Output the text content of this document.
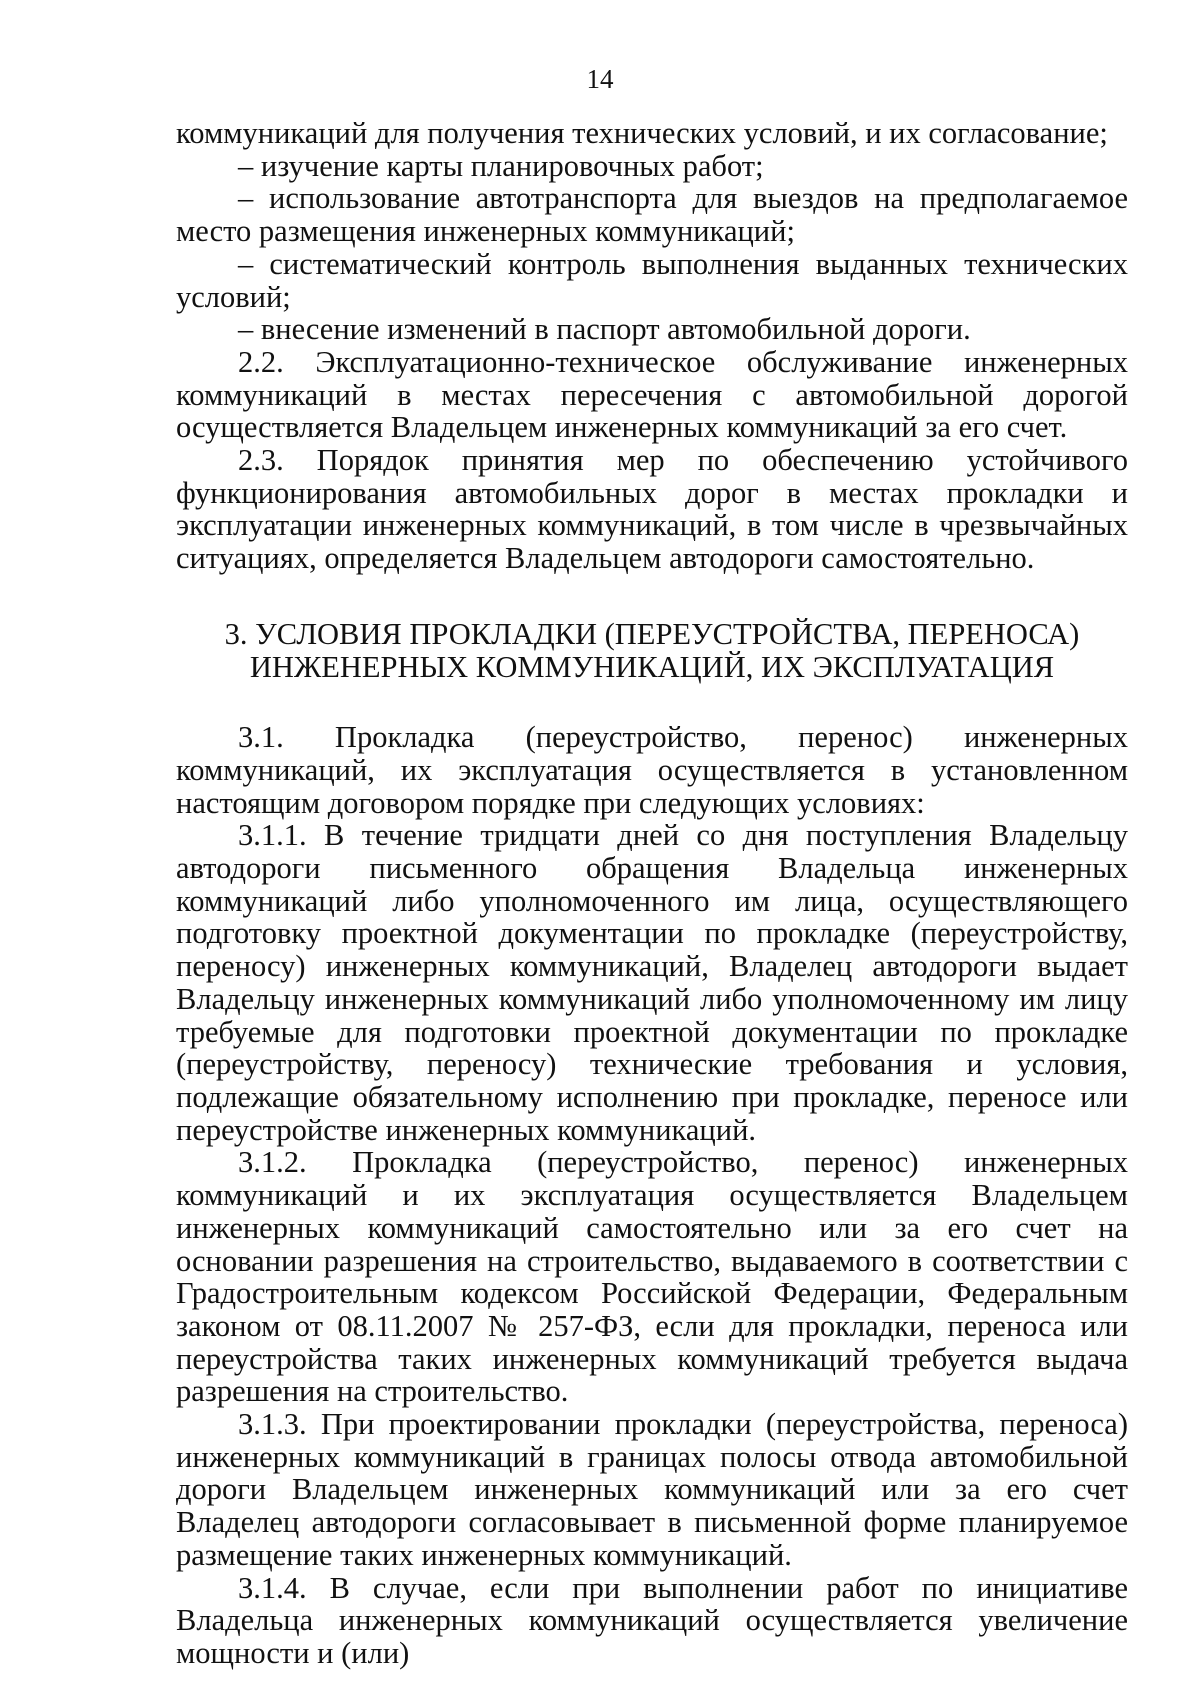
14

коммуникаций для получения технических условий, и их согласование;

– изучение карты планировочных работ;

– использование автотранспорта для выездов на предполагаемое место размещения инженерных коммуникаций;

– систематический контроль выполнения выданных технических условий;

– внесение изменений в паспорт автомобильной дороги.

2.2. Эксплуатационно-техническое обслуживание инженерных коммуникаций в местах пересечения с автомобильной дорогой осуществляется Владельцем инженерных коммуникаций за его счет.

2.3. Порядок принятия мер по обеспечению устойчивого функционирования автомобильных дорог в местах прокладки и эксплуатации инженерных коммуникаций, в том числе в чрезвычайных ситуациях, определяется Владельцем автодороги самостоятельно.

3. УСЛОВИЯ ПРОКЛАДКИ (ПЕРЕУСТРОЙСТВА, ПЕРЕНОСА)
ИНЖЕНЕРНЫХ КОММУНИКАЦИЙ, ИХ ЭКСПЛУАТАЦИЯ

3.1. Прокладка (переустройство, перенос) инженерных коммуникаций, их эксплуатация осуществляется в установленном настоящим договором порядке при следующих условиях:

3.1.1. В течение тридцати дней со дня поступления Владельцу автодороги письменного обращения Владельца инженерных коммуникаций либо уполномоченного им лица, осуществляющего подготовку проектной документации по прокладке (переустройству, переносу) инженерных коммуникаций, Владелец автодороги выдает Владельцу инженерных коммуникаций либо уполномоченному им лицу требуемые для подготовки проектной документации по прокладке (переустройству, переносу) технические требования и условия, подлежащие обязательному исполнению при прокладке, переносе или переустройстве инженерных коммуникаций.

3.1.2. Прокладка (переустройство, перенос) инженерных коммуникаций и их эксплуатация осуществляется Владельцем инженерных коммуникаций самостоятельно или за его счет на основании разрешения на строительство, выдаваемого в соответствии с Градостроительным кодексом Российской Федерации, Федеральным законом от 08.11.2007 № 257-ФЗ, если для прокладки, переноса или переустройства таких инженерных коммуникаций требуется выдача разрешения на строительство.

3.1.3. При проектировании прокладки (переустройства, переноса) инженерных коммуникаций в границах полосы отвода автомобильной дороги Владельцем инженерных коммуникаций или за его счет Владелец автодороги согласовывает в письменной форме планируемое размещение таких инженерных коммуникаций.

3.1.4. В случае, если при выполнении работ по инициативе Владельца инженерных коммуникаций осуществляется увеличение мощности и (или)
